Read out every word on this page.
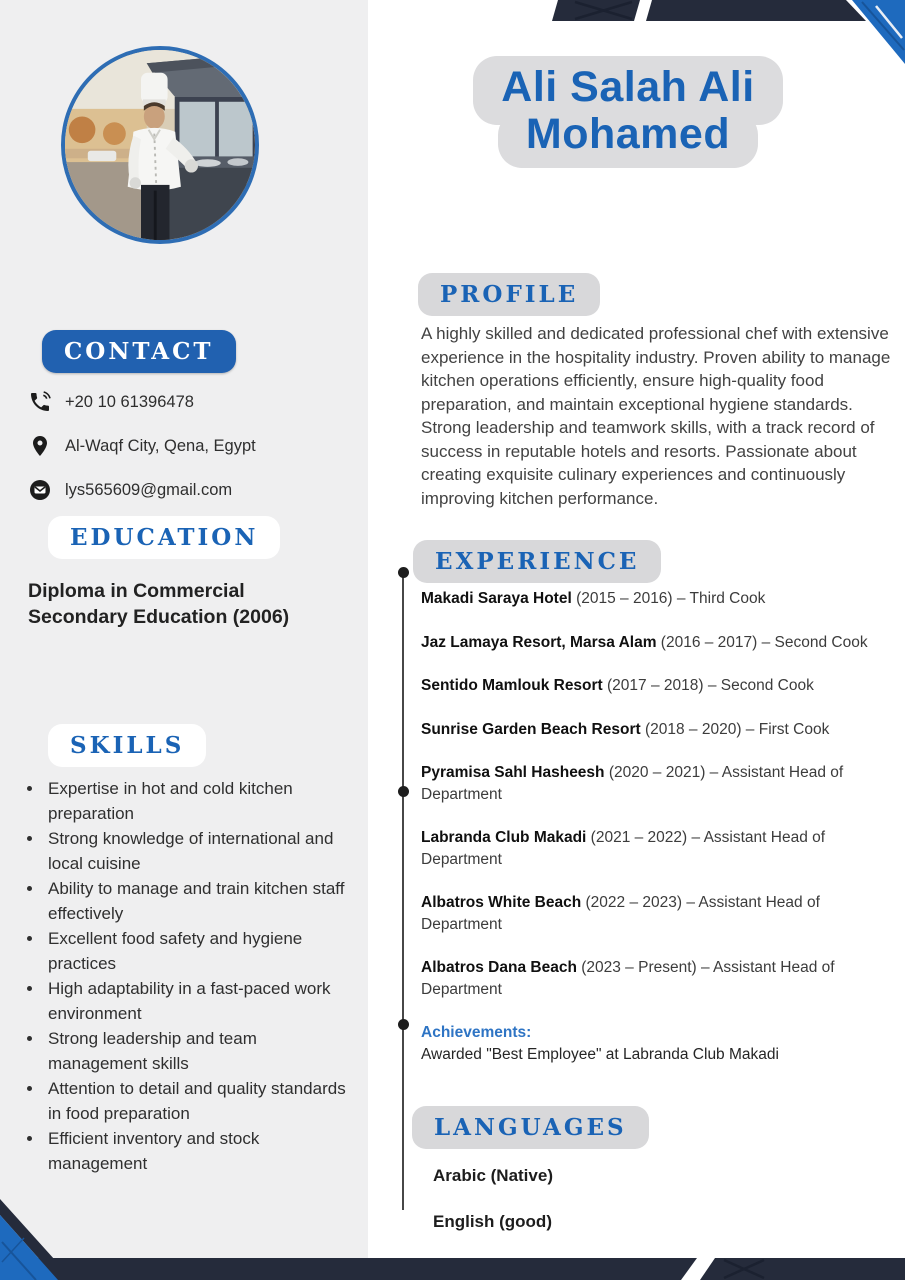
Ali Salah Ali
Mohamed
CONTACT
+20 10 61396478
Al-Waqf City, Qena, Egypt
lys565609@gmail.com
EDUCATION
Diploma in Commercial Secondary Education (2006)
SKILLS
• Expertise in hot and cold kitchen preparation
• Strong knowledge of international and local cuisine
• Ability to manage and train kitchen staff effectively
• Excellent food safety and hygiene practices
• High adaptability in a fast-paced work environment
• Strong leadership and team management skills
• Attention to detail and quality standards in food preparation
• Efficient inventory and stock management
PROFILE
A highly skilled and dedicated professional chef with extensive experience in the hospitality industry. Proven ability to manage kitchen operations efficiently, ensure high-quality food preparation, and maintain exceptional hygiene standards. Strong leadership and teamwork skills, with a track record of success in reputable hotels and resorts. Passionate about creating exquisite culinary experiences and continuously improving kitchen performance.
EXPERIENCE
Makadi Saraya Hotel (2015 – 2016) – Third Cook
Jaz Lamaya Resort, Marsa Alam (2016 – 2017) – Second Cook
Sentido Mamlouk Resort (2017 – 2018) – Second Cook
Sunrise Garden Beach Resort (2018 – 2020) – First Cook
Pyramisa Sahl Hasheesh (2020 – 2021) – Assistant Head of Department
Labranda Club Makadi (2021 – 2022) – Assistant Head of Department
Albatros White Beach (2022 – 2023) – Assistant Head of Department
Albatros Dana Beach (2023 – Present) – Assistant Head of Department
Achievements:
Awarded "Best Employee" at Labranda Club Makadi
LANGUAGES
Arabic (Native)
English (good)
